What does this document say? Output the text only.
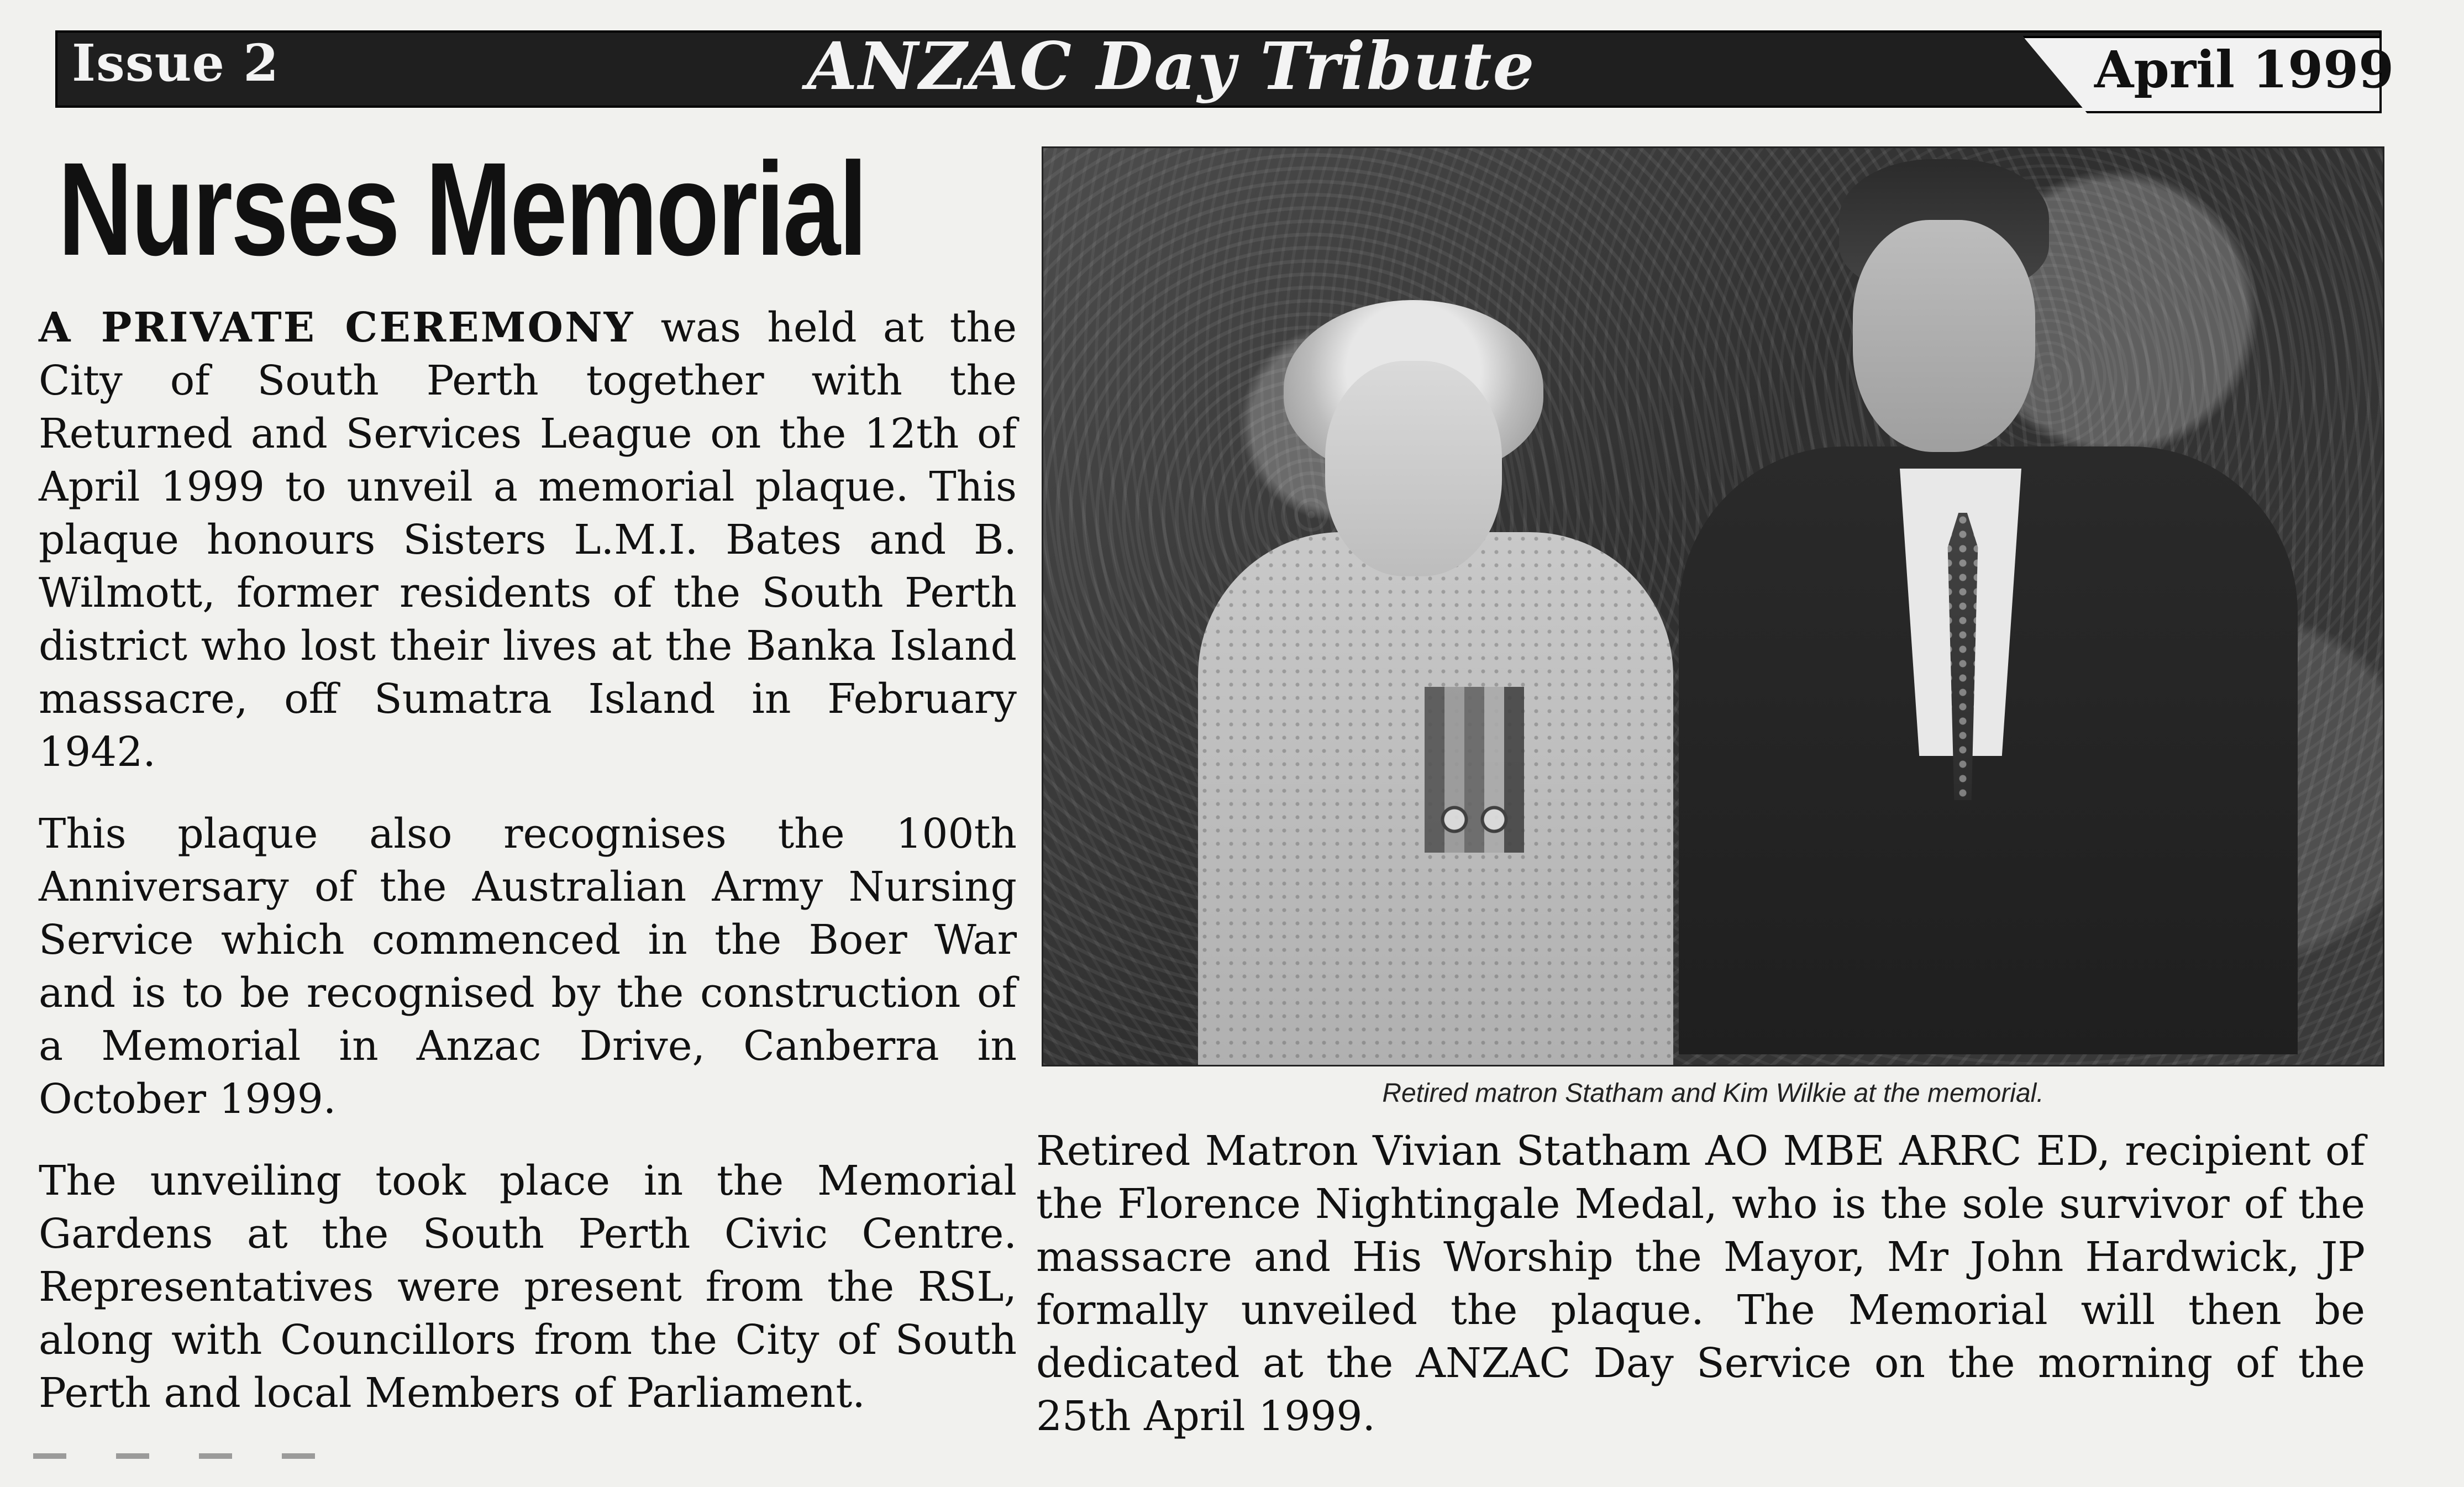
Issue 2	ANZAC Day Tribute	April 1999
Nurses Memorial

A PRIVATE CEREMONY was held at the City of South Perth together with the Returned and Services League on the 12th of April 1999 to unveil a memorial plaque. This plaque honours Sisters L.M.I. Bates and B. Wilmott, former residents of the South Perth district who lost their lives at the Banka Island massacre, off Sumatra Island in February 1942.

This plaque also recognises the 100th Anniversary of the Australian Army Nursing Service which commenced in the Boer War and is to be recognised by the construction of a Memorial in Anzac Drive, Canberra in October 1999.

The unveiling took place in the Memorial Gardens at the South Perth Civic Centre. Representatives were present from the RSL, along with Councillors from the City of South Perth and local Members of Parliament.

Retired matron Statham and Kim Wilkie at the memorial.

Retired Matron Vivian Statham AO MBE ARRC ED, recipient of the Florence Nightingale Medal, who is the sole survivor of the massacre and His Worship the Mayor, Mr John Hardwick, JP formally unveiled the plaque. The Memorial will then be dedicated at the ANZAC Day Service on the morning of the 25th April 1999.
